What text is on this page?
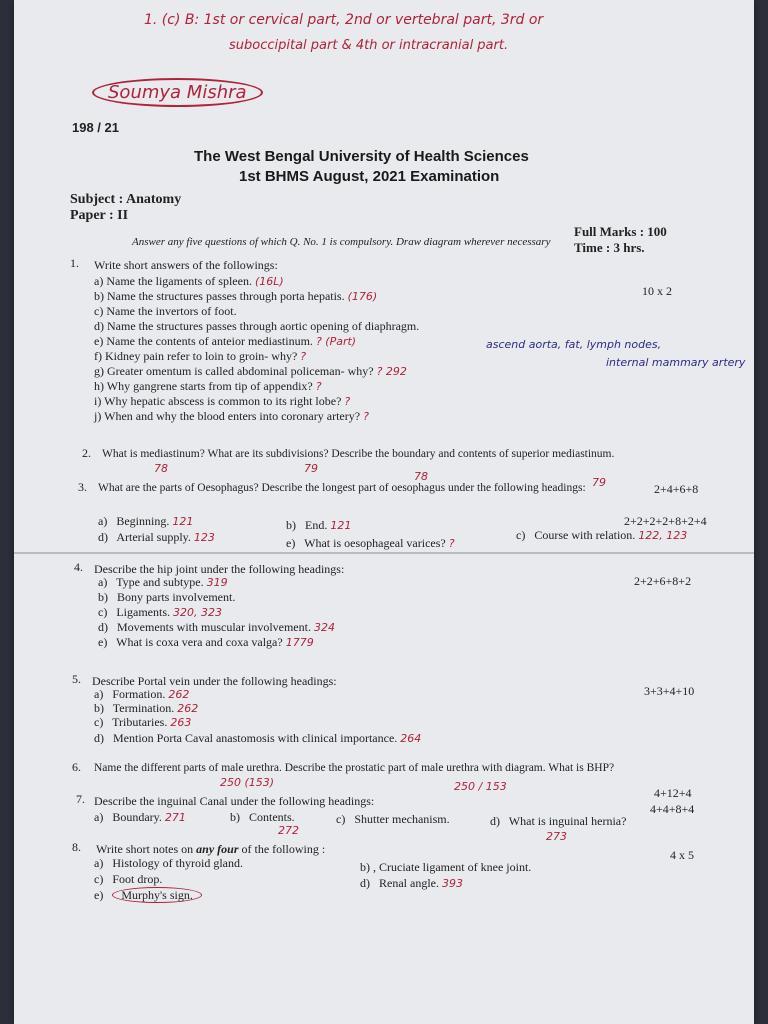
1. (c) B: 1st or cervical part, 2nd or vertebral part, 3rd or
suboccipital part & 4th or intracranial part.
Soumya Mishra
198 / 21
The West Bengal University of Health Sciences
1st BHMS August, 2021 Examination
Subject : Anatomy
Paper : II
Full Marks : 100
Time : 3 hrs.
Answer any five questions of which Q. No. 1 is compulsory. Draw diagram wherever necessary
1. Write short answers of the followings:
10 x 2
a) Name the ligaments of spleen. (16L)
b) Name the structures passes through porta hepatis. (176)
c) Name the invertors of foot.
d) Name the structures passes through aortic opening of diaphragm.
e) Name the contents of anteior mediastinum. ? (Part)	ascend aorta, fat, lymph nodes,
internal mammary artery
f) Kidney pain refer to loin to groin- why? ?
g) Greater omentum is called abdominal policeman- why? ? 292
h) Why gangrene starts from tip of appendix? ?
i) Why hepatic abscess is common to its right lobe? ?
j) When and why the blood enters into coronary artery? ?
2. What is mediastinum? What are its subdivisions? Describe the boundary and contents of superior mediastinum.
78	79
78	79	2+4+6+8
3. What are the parts of Oesophagus? Describe the longest part of oesophagus under the following headings:
2+2+2+2+8+2+4
a) Beginning. 121	b) End. 121
c) Course with relation. 122, 123
d) Arterial supply. 123	e) What is oesophageal varices? ?
4. Describe the hip joint under the following headings:
2+2+6+8+2
a) Type and subtype. 319
b) Bony parts involvement.
c) Ligaments. 320, 323
d) Movements with muscular involvement. 324
e) What is coxa vera and coxa valga? 1779
5. Describe Portal vein under the following headings:
3+3+4+10
a) Formation. 262
b) Termination. 262
c) Tributaries. 263
d) Mention Porta Caval anastomosis with clinical importance. 264
6. Name the different parts of male urethra. Describe the prostatic part of male urethra with diagram. What is BHP?
250 (153)	250 / 153	4+12+4
7. Describe the inguinal Canal under the following headings:
4+4+8+4
a) Boundary. 271	b) Contents.
272
c) Shutter mechanism.	d) What is inguinal hernia?
273
8. Write short notes on any four of the following :	4 x 5
a) Histology of thyroid gland.	b) , Cruciate ligament of knee joint.
c) Foot drop.	d) Renal angle. 393
e) Murphy's sign.
